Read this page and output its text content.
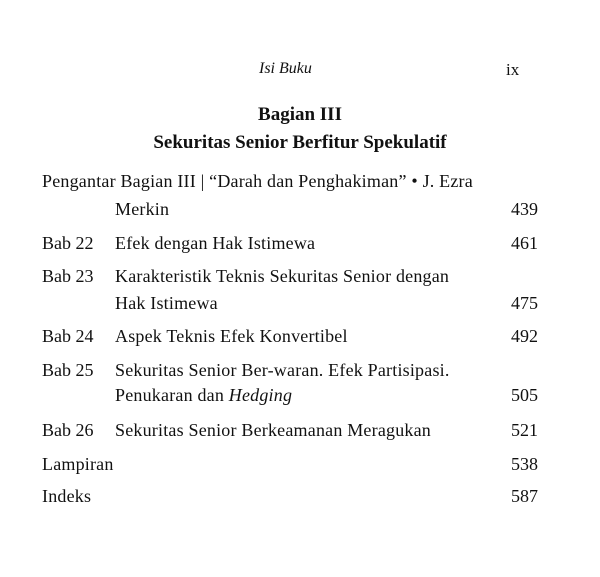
Isi Buku	ix
Bagian III
Sekuritas Senior Berfitur Spekulatif
Pengantar Bagian III | “Darah dan Penghakiman” • J. Ezra
Merkin	439
Bab 22 Efek dengan Hak Istimewa	461
Bab 23 Karakteristik Teknis Sekuritas Senior dengan
Hak Istimewa	475
Bab 24 Aspek Teknis Efek Konvertibel	492
Bab 25 Sekuritas Senior Ber-waran. Efek Partisipasi.
Penukaran dan Hedging	505
Bab 26 Sekuritas Senior Berkeamanan Meragukan	521
Lampiran	538
Indeks	587
